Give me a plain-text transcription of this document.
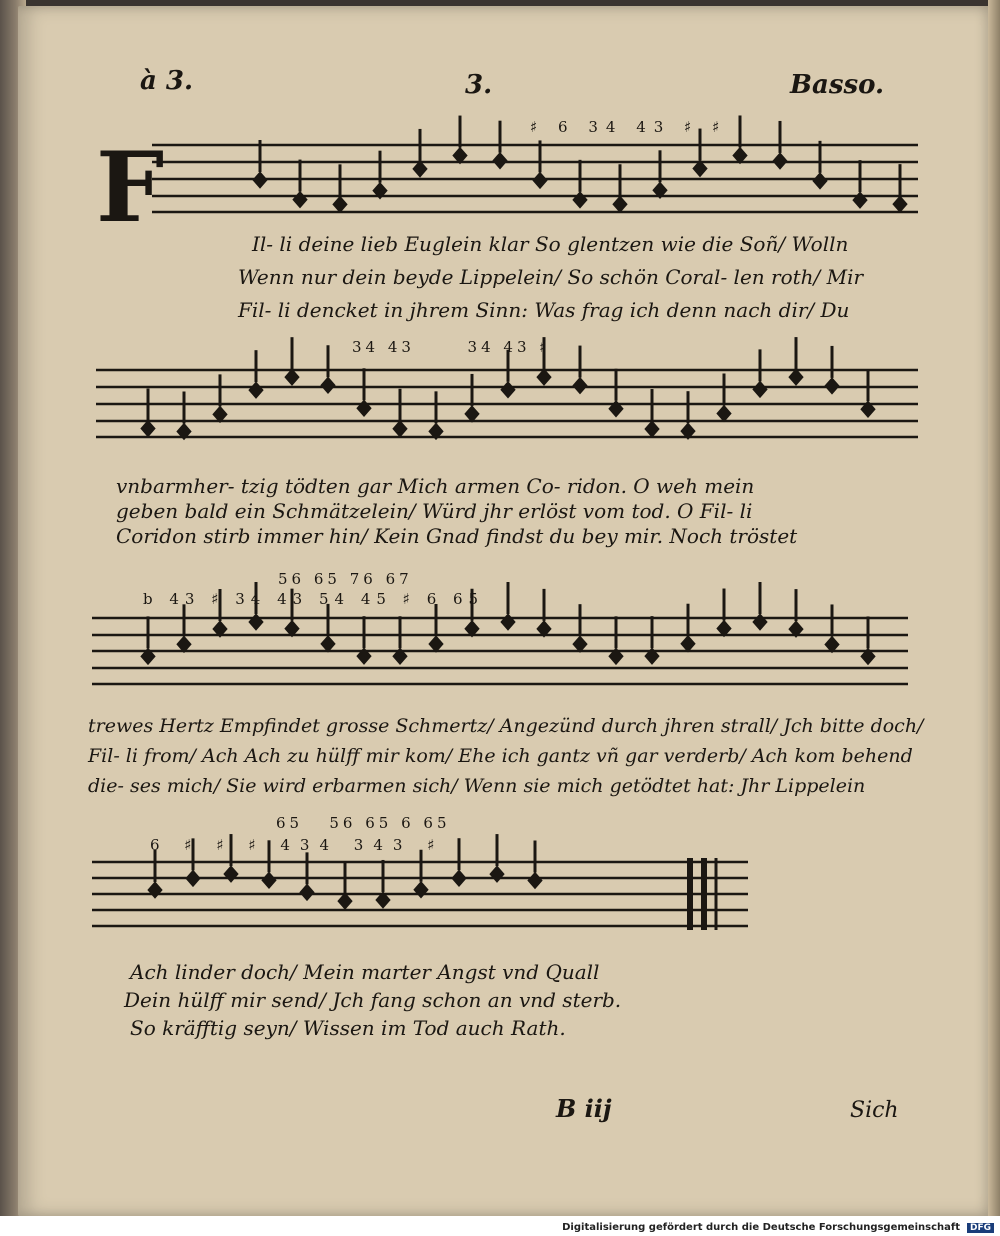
à 3.	3.	Basso.
F
♯ 6 34 43 ♯ ♯
34 43      34 43 ♯
56 65 76 67
b 43 ♯ 34 43 54 45 ♯ 6 65
65   56 65 6 65
6 ♯ ♯ ♯ 434 343 ♯
Il- li deine lieb Euglein klar So glentzen wie die Soñ/ Wolln
Wenn nur dein beyde Lippelein/ So schön Coral- len roth/ Mir
Fil- li dencket in jhrem Sinn: Was frag ich denn nach dir/ Du
vnbarmher- tzig tödten gar Mich armen Co- ridon. O weh mein
geben bald ein Schmätzelein/ Würd jhr erlöst vom tod. O Fil- li
Coridon stirb immer hin/ Kein Gnad findst du bey mir. Noch tröstet
trewes Hertz Empfindet grosse Schmertz/ Angezünd durch jhren strall/ Jch bitte doch/
Fil- li from/ Ach Ach zu hülff mir kom/ Ehe ich gantz vñ gar verderb/ Ach kom behend
die- ses mich/ Sie wird erbarmen sich/ Wenn sie mich getödtet hat: Jhr Lippelein
Ach linder doch/ Mein marter Angst vnd Quall
Dein hülff mir send/ Jch fang schon an vnd sterb.
So kräfftig seyn/ Wissen im Tod auch Rath.
B iij	Sich
Digitalisierung gefördert durch die Deutsche Forschungsgemeinschaft	DFG
